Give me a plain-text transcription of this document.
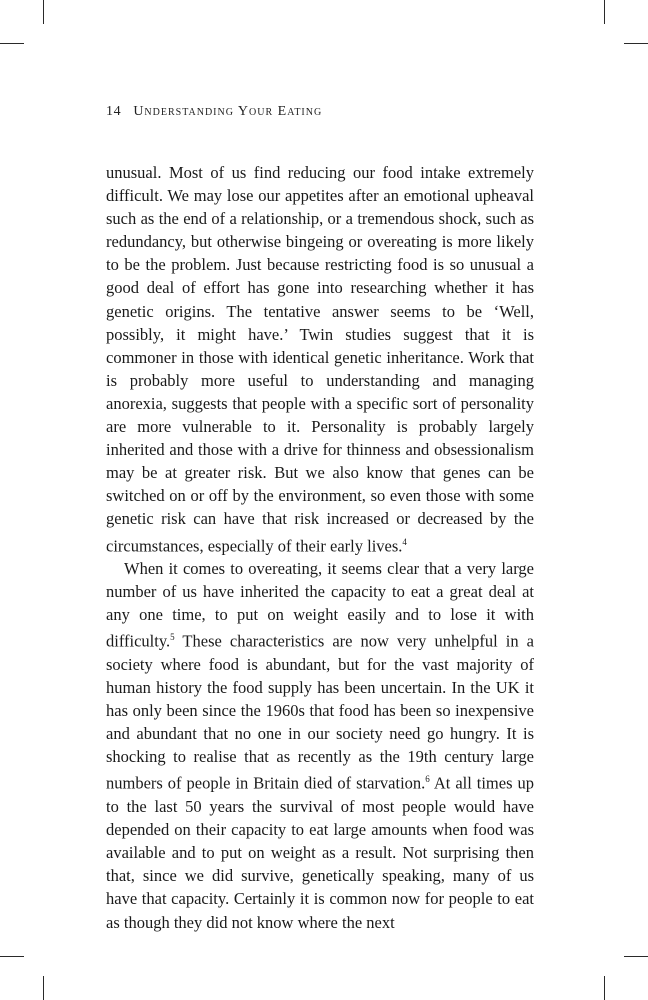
14 Understanding Your Eating

unusual. Most of us find reducing our food intake extremely difficult. We may lose our appetites after an emotional upheaval such as the end of a relationship, or a tremendous shock, such as redundancy, but otherwise bingeing or overeating is more likely to be the problem. Just because restricting food is so unusual a good deal of effort has gone into researching whether it has genetic origins. The tentative answer seems to be ‘Well, possibly, it might have.’ Twin studies suggest that it is commoner in those with identical genetic inheritance. Work that is probably more useful to understanding and managing anorexia, suggests that people with a specific sort of personality are more vulnerable to it. Personality is probably largely inherited and those with a drive for thinness and obsessionalism may be at greater risk. But we also know that genes can be switched on or off by the environment, so even those with some genetic risk can have that risk increased or decreased by the circumstances, especially of their early lives.$^4$

When it comes to overeating, it seems clear that a very large number of us have inherited the capacity to eat a great deal at any one time, to put on weight easily and to lose it with difficulty.$^5$ These characteristics are now very unhelpful in a society where food is abundant, but for the vast majority of human history the food supply has been uncertain. In the UK it has only been since the 1960s that food has been so inexpensive and abundant that no one in our society need go hungry. It is shocking to realise that as recently as the 19th century large numbers of people in Britain died of starvation.$^6$ At all times up to the last 50 years the survival of most people would have depended on their capacity to eat large amounts when food was available and to put on weight as a result. Not surprising then that, since we did survive, genetically speaking, many of us have that capacity. Certainly it is common now for people to eat as though they did not know where the next
